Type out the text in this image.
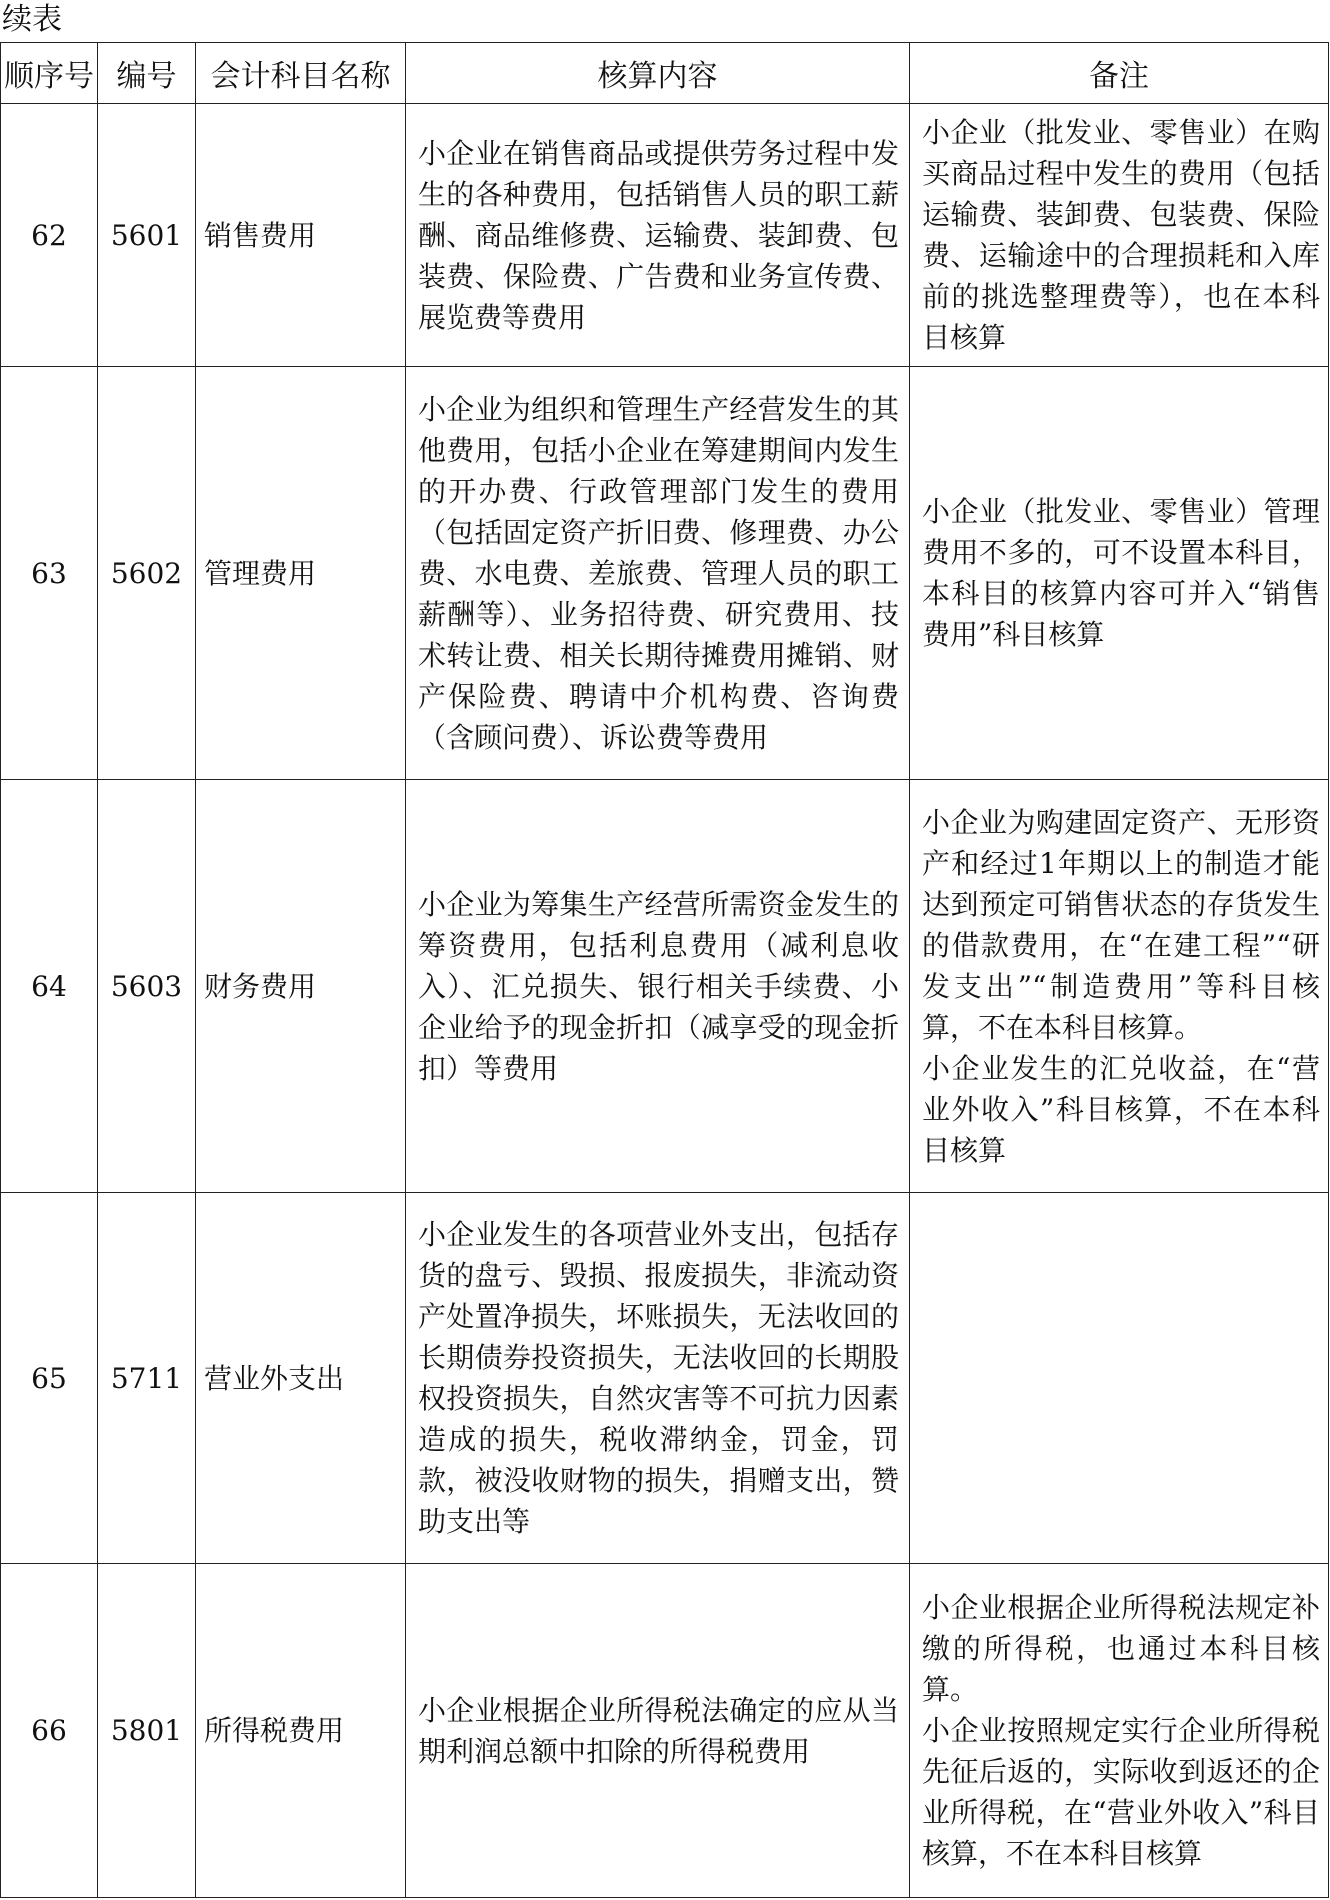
续表
顺序号	编号	会计科目名称	核算内容	备注
62	5601	销售费用	小企业在销售商品或提供劳务过程中发生的各种费用，包括销售人员的职工薪酬、商品维修费、运输费、装卸费、包装费、保险费、广告费和业务宣传费、展览费等费用	小企业（批发业、零售业）在购买商品过程中发生的费用（包括运输费、装卸费、包装费、保险费、运输途中的合理损耗和入库前的挑选整理费等），也在本科目核算

63	5602	管理费用	小企业为组织和管理生产经营发生的其他费用，包括小企业在筹建期间内发生的开办费、行政管理部门发生的费用（包括固定资产折旧费、修理费、办公费、水电费、差旅费、管理人员的职工薪酬等）、业务招待费、研究费用、技术转让费、相关长期待摊费用摊销、财产保险费、聘请中介机构费、咨询费（含顾问费）、诉讼费等费用	小企业（批发业、零售业）管理费用不多的，可不设置本科目，本科目的核算内容可并入“销售费用”科目核算

64	5603	财务费用	小企业为筹集生产经营所需资金发生的筹资费用，包括利息费用（减利息收入）、汇兑损失、银行相关手续费、小企业给予的现金折扣（减享受的现金折扣）等费用	小企业为购建固定资产、无形资产和经过1年期以上的制造才能达到预定可销售状态的存货发生的借款费用，在“在建工程”“研发支出”“制造费用”等科目核算，不在本科目核算。
小企业发生的汇兑收益，在“营业外收入”科目核算，不在本科目核算

65	5711	营业外支出	小企业发生的各项营业外支出，包括存货的盘亏、毁损、报废损失，非流动资产处置净损失，坏账损失，无法收回的长期债券投资损失，无法收回的长期股权投资损失，自然灾害等不可抗力因素造成的损失，税收滞纳金，罚金，罚款，被没收财物的损失，捐赠支出，赞助支出等	

66	5801	所得税费用	小企业根据企业所得税法确定的应从当期利润总额中扣除的所得税费用	小企业根据企业所得税法规定补缴的所得税，也通过本科目核算。
小企业按照规定实行企业所得税先征后返的，实际收到返还的企业所得税，在“营业外收入”科目核算，不在本科目核算
